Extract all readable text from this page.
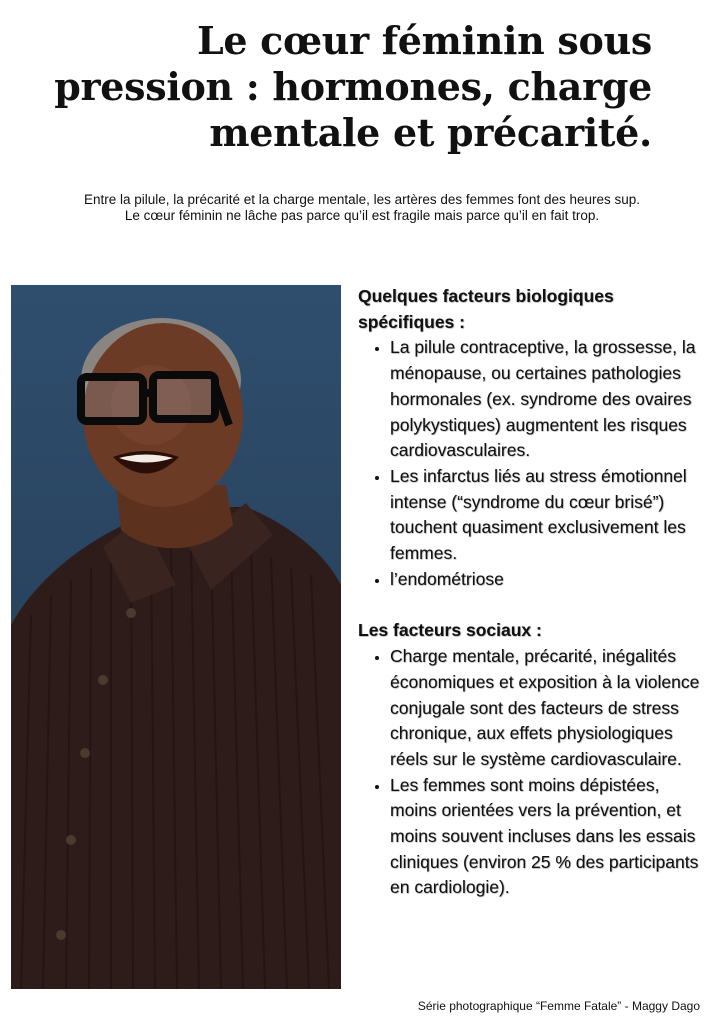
Le cœur féminin sous
pression : hormones, charge
mentale et précarité.
Entre la pilule, la précarité et la charge mentale, les artères des femmes font des heures sup.
Le cœur féminin ne lâche pas parce qu’il est fragile mais parce qu’il en fait trop.
Quelques facteurs biologiques spécifiques :
• La pilule contraceptive, la grossesse, la ménopause, ou certaines pathologies hormonales (ex. syndrome des ovaires polykystiques) augmentent les risques cardiovasculaires.
• Les infarctus liés au stress émotionnel intense (“syndrome du cœur brisé”) touchent quasiment exclusivement les femmes.
• l’endométriose
Les facteurs sociaux :
• Charge mentale, précarité, inégalités économiques et exposition à la violence conjugale sont des facteurs de stress chronique, aux effets physiologiques réels sur le système cardiovasculaire.
• Les femmes sont moins dépistées, moins orientées vers la prévention, et moins souvent incluses dans les essais cliniques (environ 25 % des participants en cardiologie).
Série photographique “Femme Fatale” - Maggy Dago
